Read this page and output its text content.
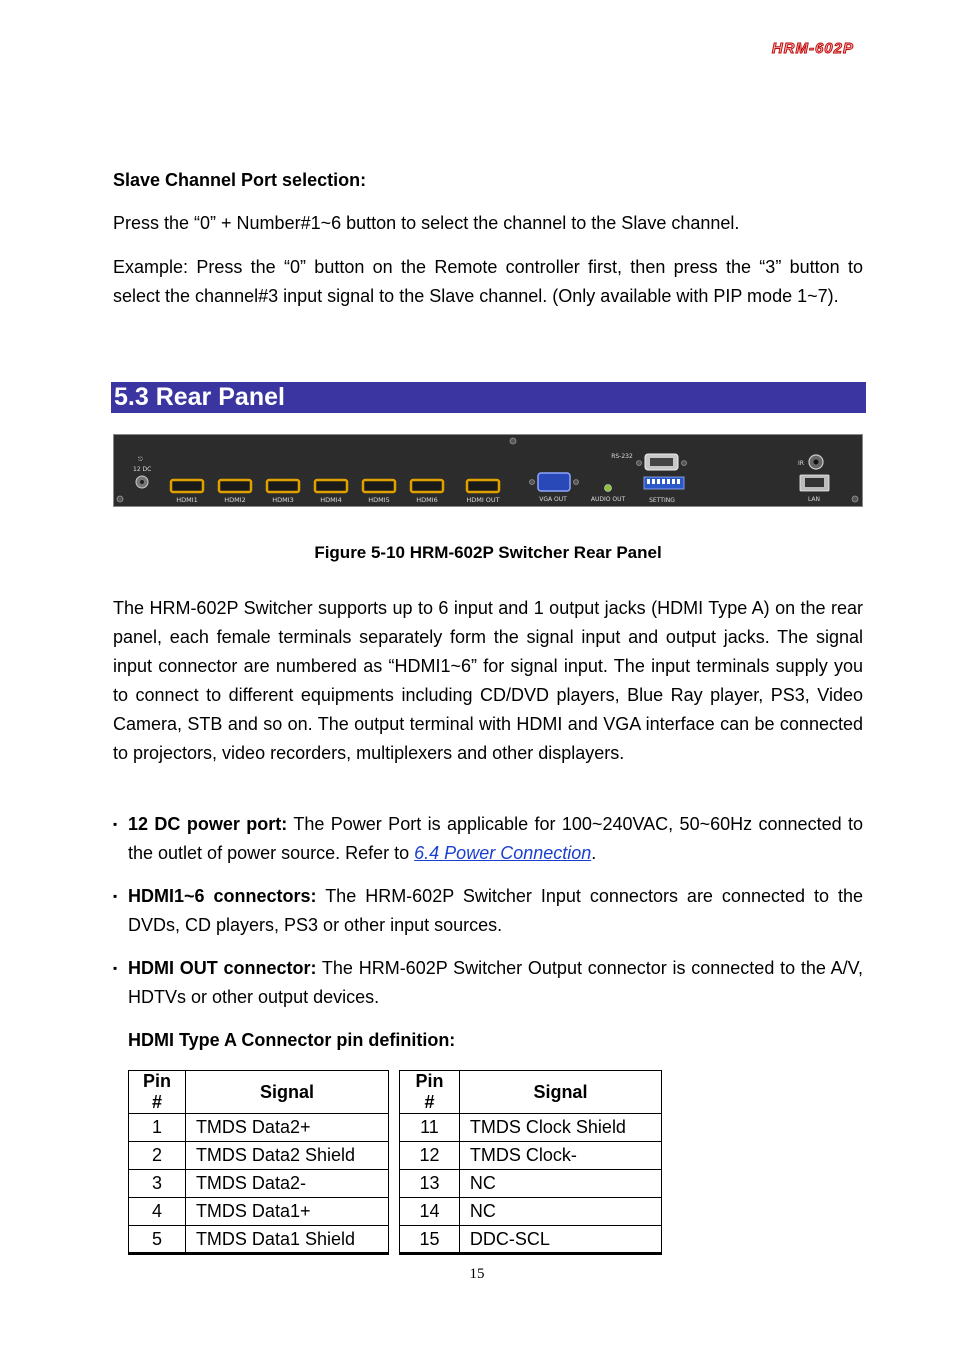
HRM-602P
Slave Channel Port selection:

Press the “0” + Number#1~6 button to select the channel to the Slave channel.

Example: Press the “0” button on the Remote controller first, then press the “3” button to select the channel#3 input signal to the Slave channel. (Only available with PIP mode 1~7).

5.3 Rear Panel
⎋
12 DC
HDMI1	HDMI2	HDMI3	HDMI4	HDMI5	HDMI6	HDMI OUT	VGA OUT	AUDIO OUT
RS-232
SETTING
IR
LAN
Figure 5-10 HRM-602P Switcher Rear Panel

The HRM-602P Switcher supports up to 6 input and 1 output jacks (HDMI Type A) on the rear panel, each female terminals separately form the signal input and output jacks. The signal input connector are numbered as “HDMI1~6” for signal input. The input terminals supply you to connect to different equipments including CD/DVD players, Blue Ray player, PS3, Video Camera, STB and so on. The output terminal with HDMI and VGA interface can be connected to projectors, video recorders, multiplexers and other displayers.

▪ 12 DC power port: The Power Port is applicable for 100~240VAC, 50~60Hz connected to the outlet of power source. Refer to 6.4 Power Connection.
▪ HDMI1~6 connectors: The HRM-602P Switcher Input connectors are connected to the DVDs, CD players, PS3 or other input sources.
▪ HDMI OUT connector: The HRM-602P Switcher Output connector is connected to the A/V, HDTVs or other output devices.
HDMI Type A Connector pin definition:
Pin #	Signal
1	TMDS Data2+
2	TMDS Data2 Shield
3	TMDS Data2-
4	TMDS Data1+
5	TMDS Data1 Shield
Pin #	Signal
11	TMDS Clock Shield
12	TMDS Clock-
13	NC
14	NC
15	DDC-SCL
15
